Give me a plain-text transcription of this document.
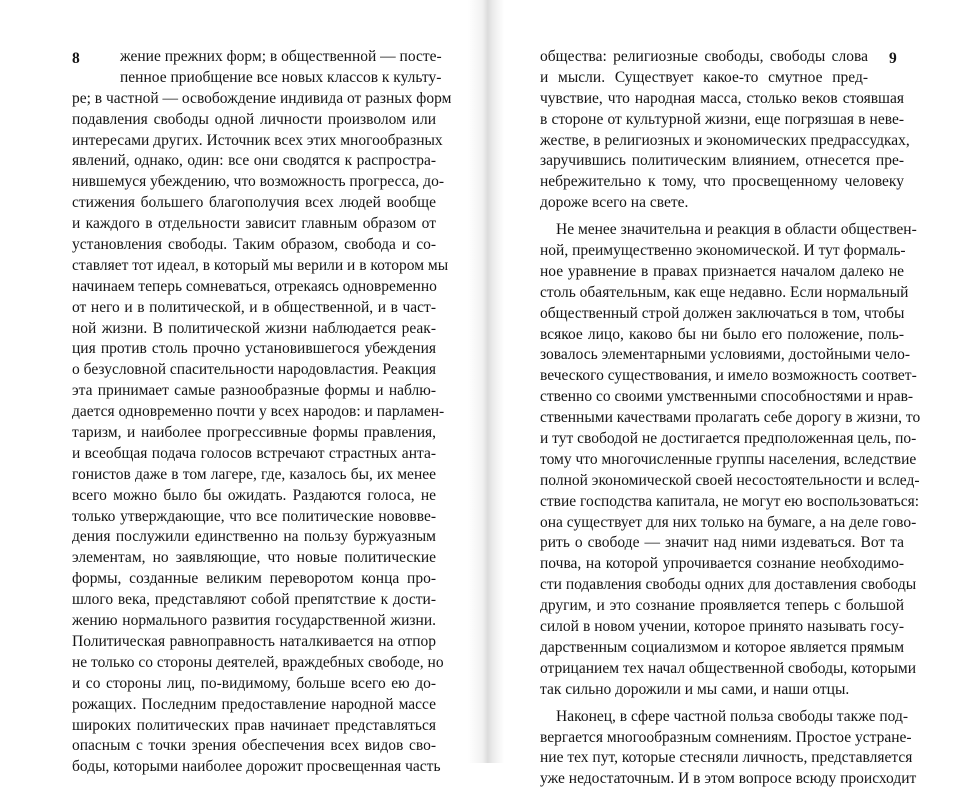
8	жение прежних форм; в общественной — посте-
пенное приобщение все новых классов к культу-
ре; в частной — освобождение индивида от разных форм
подавления свободы одной личности произволом или
интересами других. Источник всех этих многообразных
явлений, однако, один: все они сводятся к распростра-
нившемуся убеждению, что возможность прогресса, до-
стижения большего благополучия всех людей вообще
и каждого в отдельности зависит главным образом от
установления свободы. Таким образом, свобода и со-
ставляет тот идеал, в который мы верили и в котором мы
начинаем теперь сомневаться, отрекаясь одновременно
от него и в политической, и в общественной, и в част-
ной жизни. В политической жизни наблюдается реак-
ция против столь прочно установившегося убеждения
о безусловной спасительности народовластия. Реакция
эта принимает самые разнообразные формы и наблю-
дается одновременно почти у всех народов: и парламен-
таризм, и наиболее прогрессивные формы правления,
и всеобщая подача голосов встречают страстных анта-
гонистов даже в том лагере, где, казалось бы, их менее
всего можно было бы ожидать. Раздаются голоса, не
только утверждающие, что все политические нововве-
дения послужили единственно на пользу буржуазным
элементам, но заявляющие, что новые политические
формы, созданные великим переворотом конца про-
шлого века, представляют собой препятствие к дости-
жению нормального развития государственной жизни.
Политическая равноправность наталкивается на отпор
не только со стороны деятелей, враждебных свободе, но
и со стороны лиц, по-видимому, больше всего ею до-
рожащих. Последним предоставление народной массе
широких политических прав начинает представляться
опасным с точки зрения обеспечения всех видов сво-
боды, которыми наиболее дорожит просвещенная часть
9
общества: религиозные свободы, свободы слова
и мысли. Существует какое-то смутное пред-
чувствие, что народная масса, столько веков стоявшая
в стороне от культурной жизни, еще погрязшая в неве-
жестве, в религиозных и экономических предрассудках,
заручившись политическим влиянием, отнесется пре-
небрежительно к тому, что просвещенному человеку
дороже всего на свете.
Не менее значительна и реакция в области обществен-
ной, преимущественно экономической. И тут формаль-
ное уравнение в правах признается началом далеко не
столь обаятельным, как еще недавно. Если нормальный
общественный строй должен заключаться в том, чтобы
всякое лицо, каково бы ни было его положение, поль-
зовалось элементарными условиями, достойными чело-
веческого существования, и имело возможность соответ-
ственно со своими умственными способностями и нрав-
ственными качествами пролагать себе дорогу в жизни, то
и тут свободой не достигается предположенная цель, по-
тому что многочисленные группы населения, вследствие
полной экономической своей несостоятельности и вслед-
ствие господства капитала, не могут ею воспользоваться:
она существует для них только на бумаге, а на деле гово-
рить о свободе — значит над ними издеваться. Вот та
почва, на которой упрочивается сознание необходимо-
сти подавления свободы одних для доставления свободы
другим, и это сознание проявляется теперь с большой
силой в новом учении, которое принято называть госу-
дарственным социализмом и которое является прямым
отрицанием тех начал общественной свободы, которыми
так сильно дорожили и мы сами, и наши отцы.
Наконец, в сфере частной польза свободы также под-
вергается многообразным сомнениям. Простое устране-
ние тех пут, которые стесняли личность, представляется
уже недостаточным. И в этом вопросе всюду происходит
